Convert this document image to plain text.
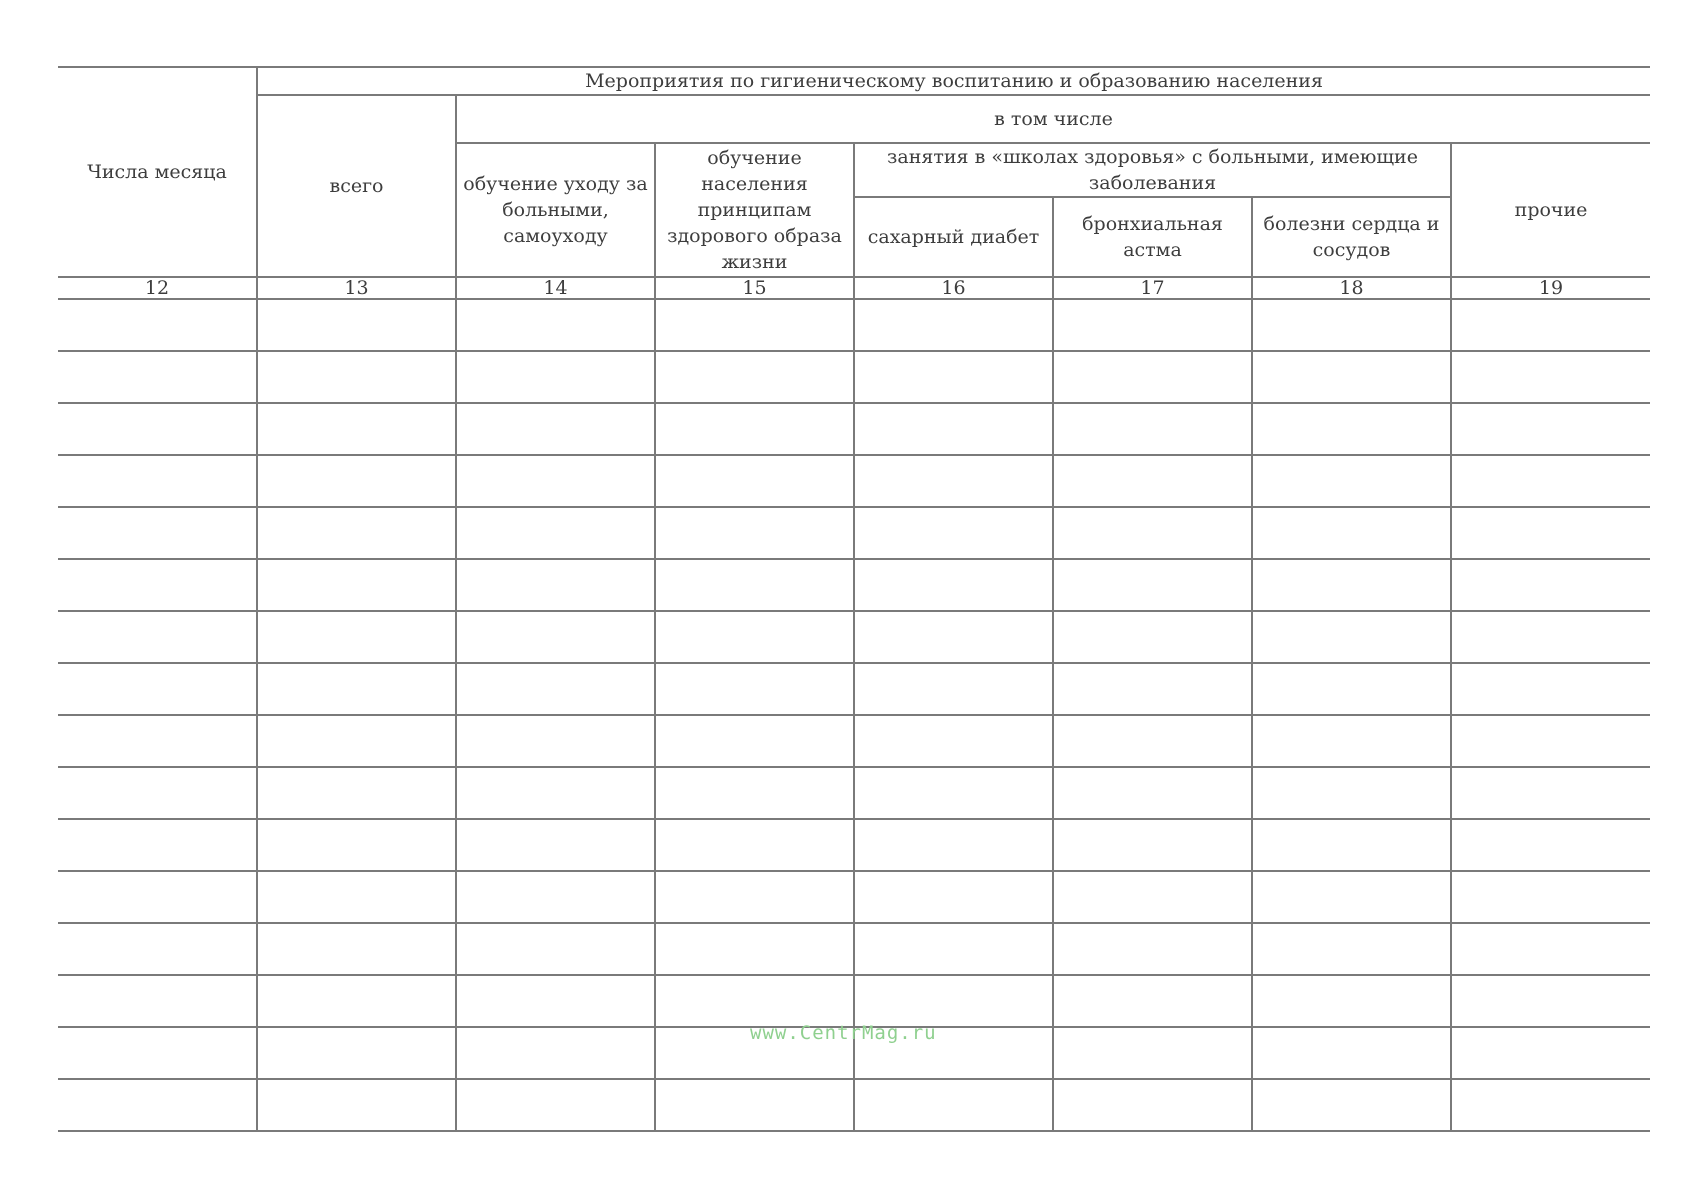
Числа месяца	Мероприятия по гигиеническому воспитанию и образованию населения						
	всего	в том числе					
		обучение уходу за больными, самоуходу	обучение населения принципам здорового образа жизни	занятия в «школах здоровья» с больными, имеющие заболевания			прочие
				сахарный диабет	бронхиальная астма	болезни сердца и сосудов	
12	13	14	15	16	17	18	19

www.CentrMag.ru
